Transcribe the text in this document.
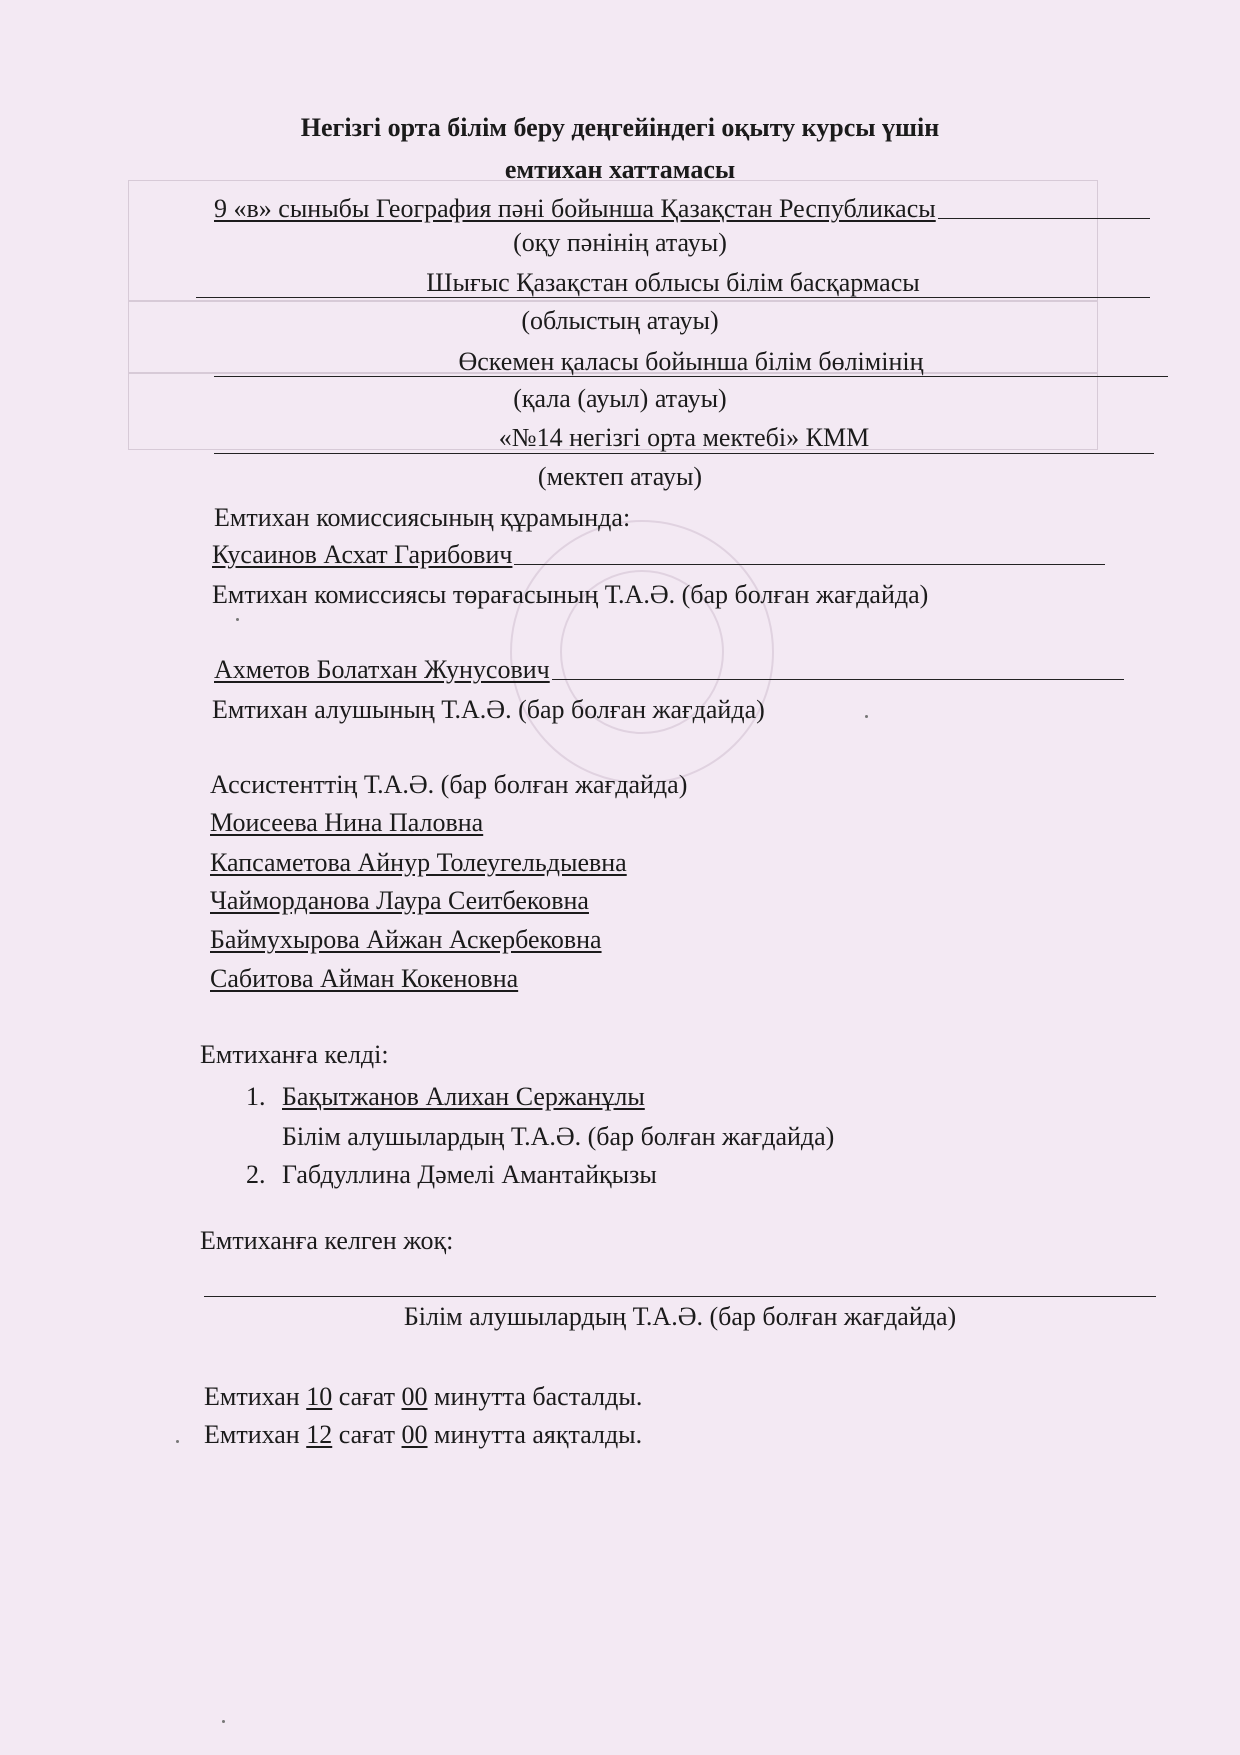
Негізгі орта білім беру деңгейіндегі оқыту курсы үшін
емтихан хаттамасы
9 «в» сыныбы География пәні бойынша Қазақстан Республикасы
(оқу пәнінің атауы)
Шығыс Қазақстан облысы білім басқармасы
(облыстың атауы)
Өскемен қаласы бойынша білім бөлімінің
(қала (ауыл) атауы)
«№14 негізгі орта мектебі» КММ
(мектеп атауы)
Емтихан комиссиясының құрамында:
Кусаинов Асхат Гарибович
Емтихан комиссиясы төрағасының Т.А.Ә. (бар болған жағдайда)
Ахметов Болатхан Жунусович
Емтихан алушының Т.А.Ә. (бар болған жағдайда)
Ассистенттің Т.А.Ә. (бар болған жағдайда)
Моисеева Нина Паловна
Капсаметова Айнур Толеугельдыевна
Чайморданова Лаура Сеитбековна
Баймухырова Айжан Аскербековна
Сабитова Айман Кокеновна
Емтиханға келді:
1. Бақытжанов Алихан Сержанұлы
Білім алушылардың Т.А.Ә. (бар болған жағдайда)
2. Габдуллина Дәмелі Амантайқызы
Емтиханға келген жоқ:
Білім алушылардың Т.А.Ә. (бар болған жағдайда)
Емтихан 10 сағат 00 минутта басталды.
Емтихан 12 сағат 00 минутта аяқталды.
